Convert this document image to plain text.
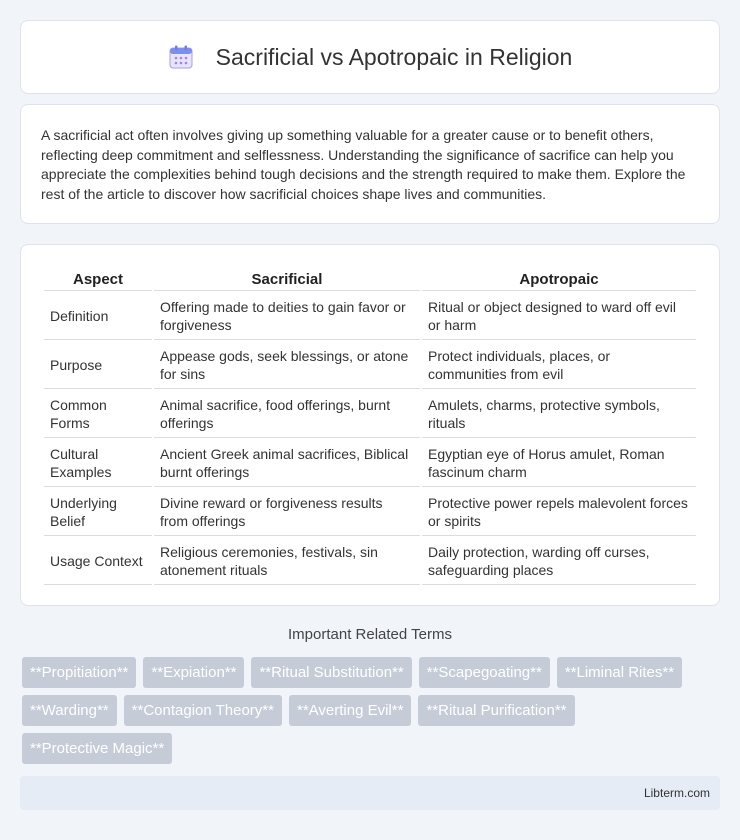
Sacrificial vs Apotropaic in Religion

A sacrificial act often involves giving up something valuable for a greater cause or to benefit others, reflecting deep commitment and selflessness. Understanding the significance of sacrifice can help you appreciate the complexities behind tough decisions and the strength required to make them. Explore the rest of the article to discover how sacrificial choices shape lives and communities.

Aspect	Sacrificial	Apotropaic
Definition	Offering made to deities to gain favor or forgiveness	Ritual or object designed to ward off evil or harm
Purpose	Appease gods, seek blessings, or atone for sins	Protect individuals, places, or communities from evil
Common Forms	Animal sacrifice, food offerings, burnt offerings	Amulets, charms, protective symbols, rituals
Cultural Examples	Ancient Greek animal sacrifices, Biblical burnt offerings	Egyptian eye of Horus amulet, Roman fascinum charm
Underlying Belief	Divine reward or forgiveness results from offerings	Protective power repels malevolent forces or spirits
Usage Context	Religious ceremonies, festivals, sin atonement rituals	Daily protection, warding off curses, safeguarding places
Important Related Terms
**Propitiation**	**Expiation**	**Ritual Substitution**	**Scapegoating**	**Liminal Rites**
**Warding**	**Contagion Theory**	**Averting Evil**	**Ritual Purification**
**Protective Magic**
Libterm.com
